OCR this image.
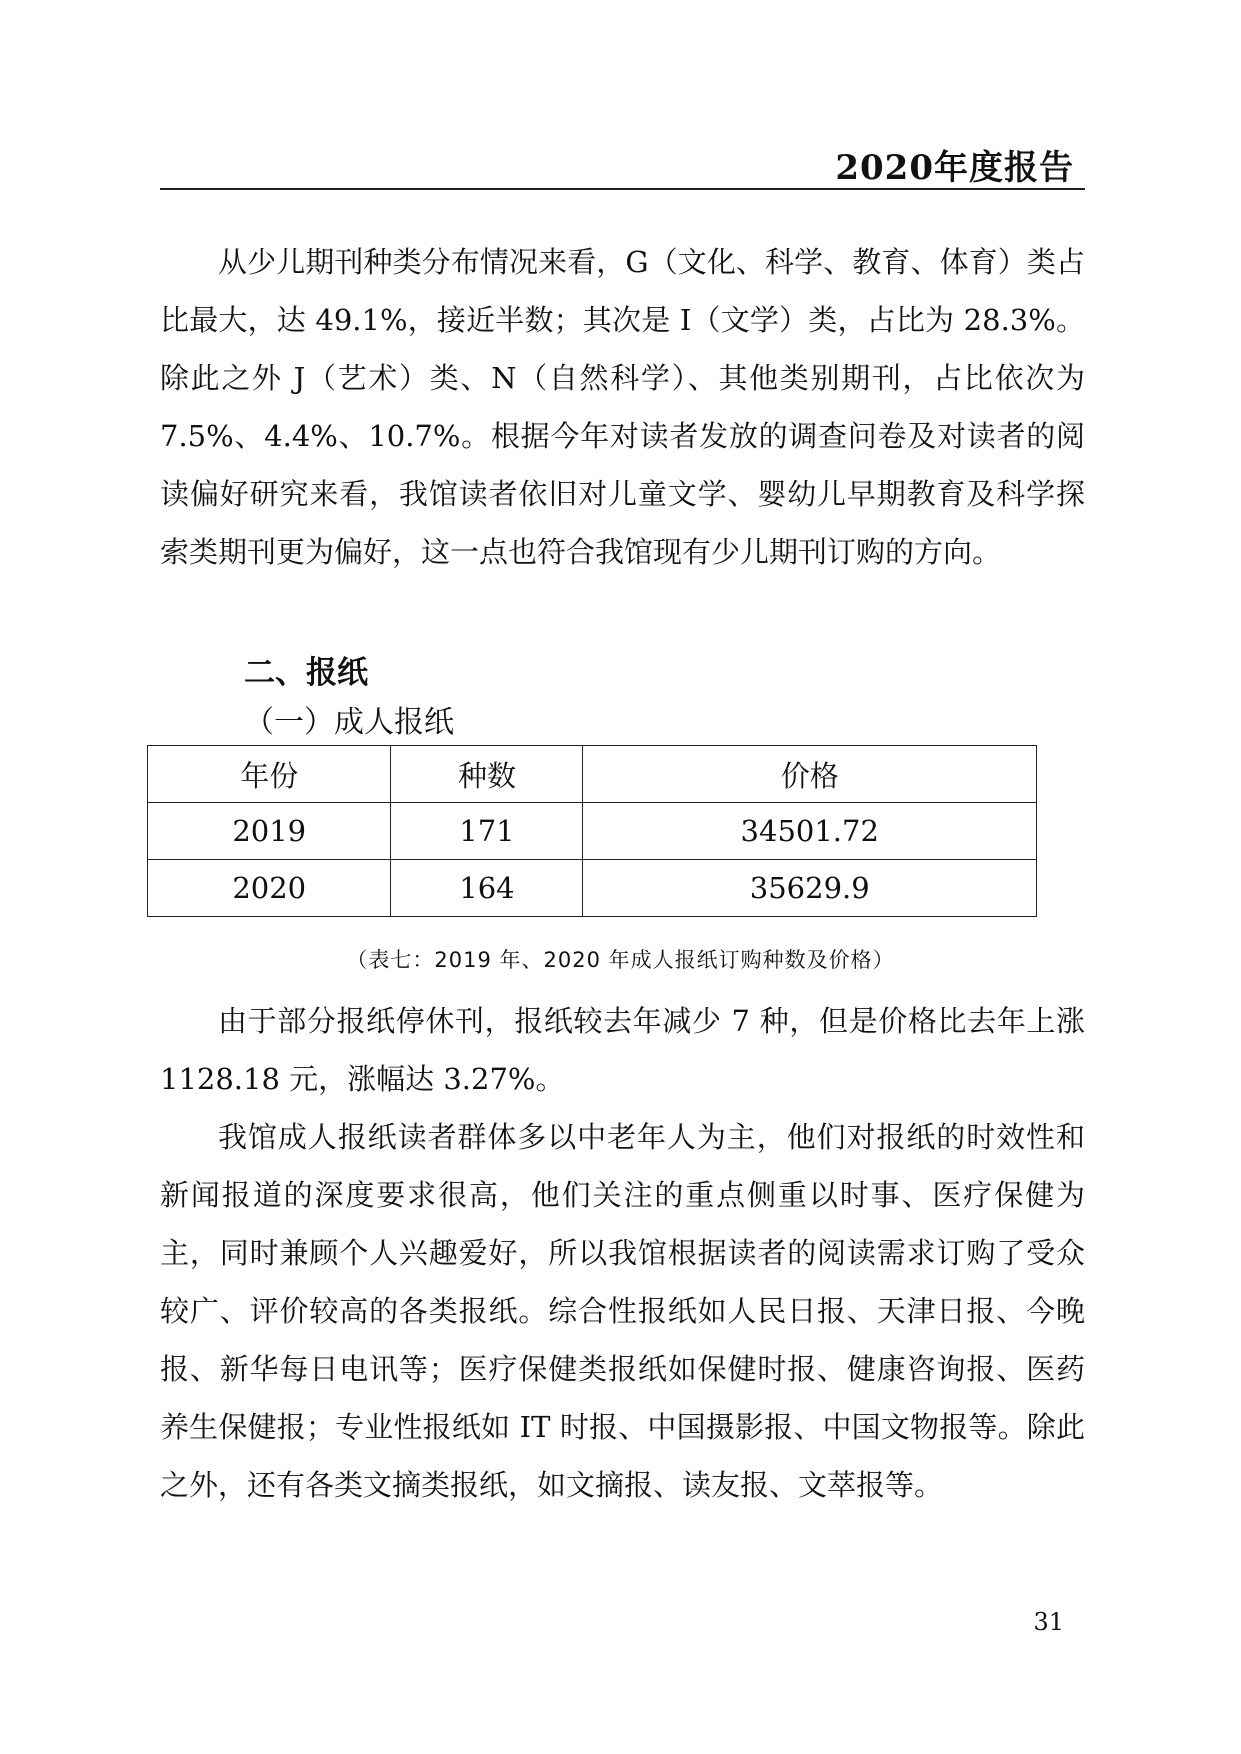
2020年度报告

从少儿期刊种类分布情况来看，G（文化、科学、教育、体育）类占比最大，达 49.1%，接近半数；其次是 I（文学）类，占比为 28.3%。除此之外 J（艺术）类、N（自然科学）、其他类别期刊，占比依次为 7.5%、4.4%、10.7%。根据今年对读者发放的调查问卷及对读者的阅读偏好研究来看，我馆读者依旧对儿童文学、婴幼儿早期教育及科学探索类期刊更为偏好，这一点也符合我馆现有少儿期刊订购的方向。

二、报纸
（一）成人报纸
年份	种数	价格
2019	171	34501.72
2020	164	35629.9
（表七：2019 年、2020 年成人报纸订购种数及价格）

由于部分报纸停休刊，报纸较去年减少 7 种，但是价格比去年上涨 1128.18 元，涨幅达 3.27%。

我馆成人报纸读者群体多以中老年人为主，他们对报纸的时效性和新闻报道的深度要求很高，他们关注的重点侧重以时事、医疗保健为主，同时兼顾个人兴趣爱好，所以我馆根据读者的阅读需求订购了受众较广、评价较高的各类报纸。综合性报纸如人民日报、天津日报、今晚报、新华每日电讯等；医疗保健类报纸如保健时报、健康咨询报、医药养生保健报；专业性报纸如 IT 时报、中国摄影报、中国文物报等。除此之外，还有各类文摘类报纸，如文摘报、读友报、文萃报等。

31
